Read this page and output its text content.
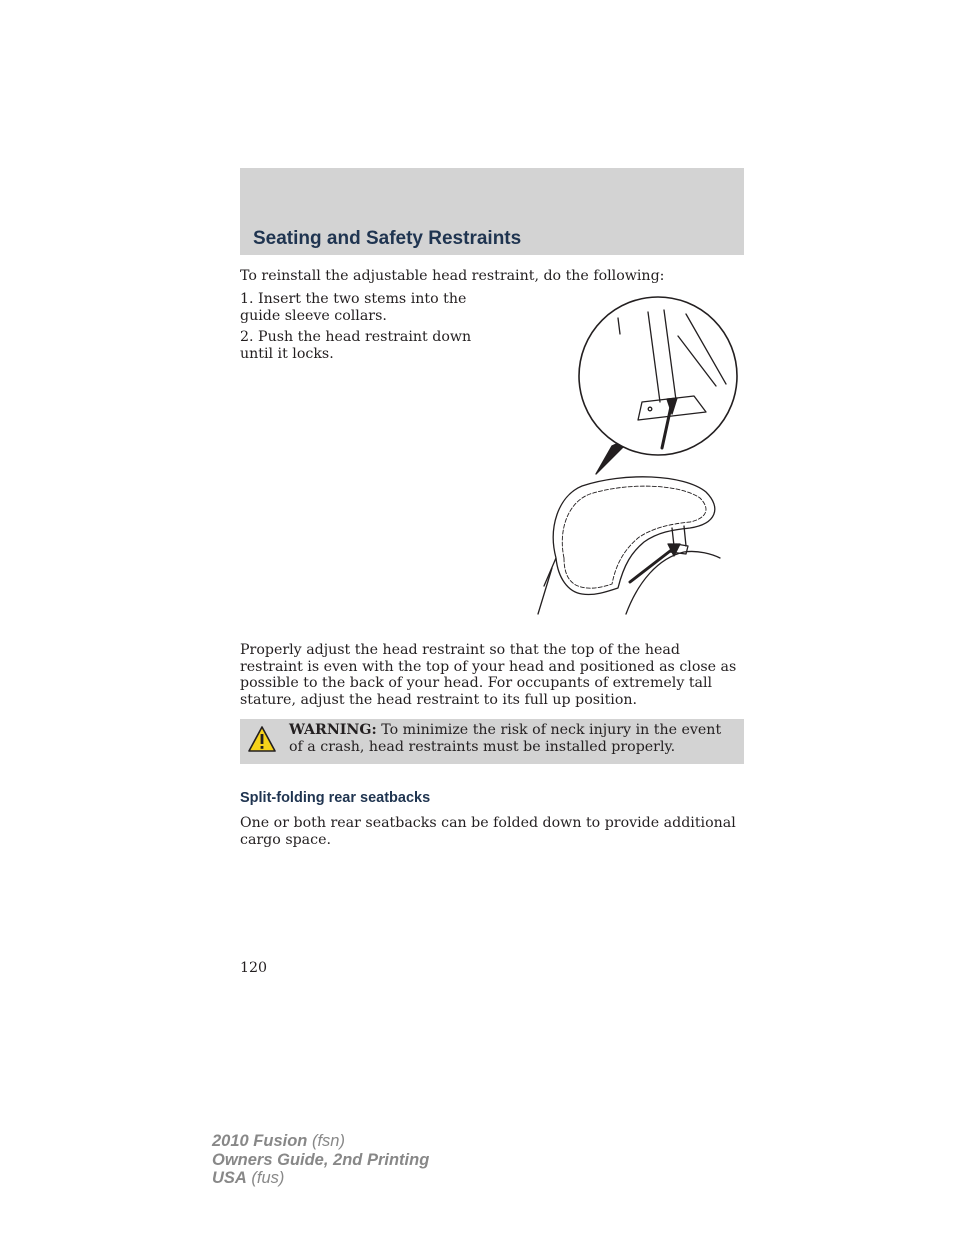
Seating and Safety Restraints

To reinstall the adjustable head restraint, do the following:

1. Insert the two stems into the guide sleeve collars.

2. Push the head restraint down until it locks.

Properly adjust the head restraint so that the top of the head restraint is even with the top of your head and positioned as close as possible to the back of your head. For occupants of extremely tall stature, adjust the head restraint to its full up position.

WARNING: To minimize the risk of neck injury in the event of a crash, head restraints must be installed properly.

Split-folding rear seatbacks

One or both rear seatbacks can be folded down to provide additional cargo space.

120

2010 Fusion (fsn)
Owners Guide, 2nd Printing
USA (fus)
